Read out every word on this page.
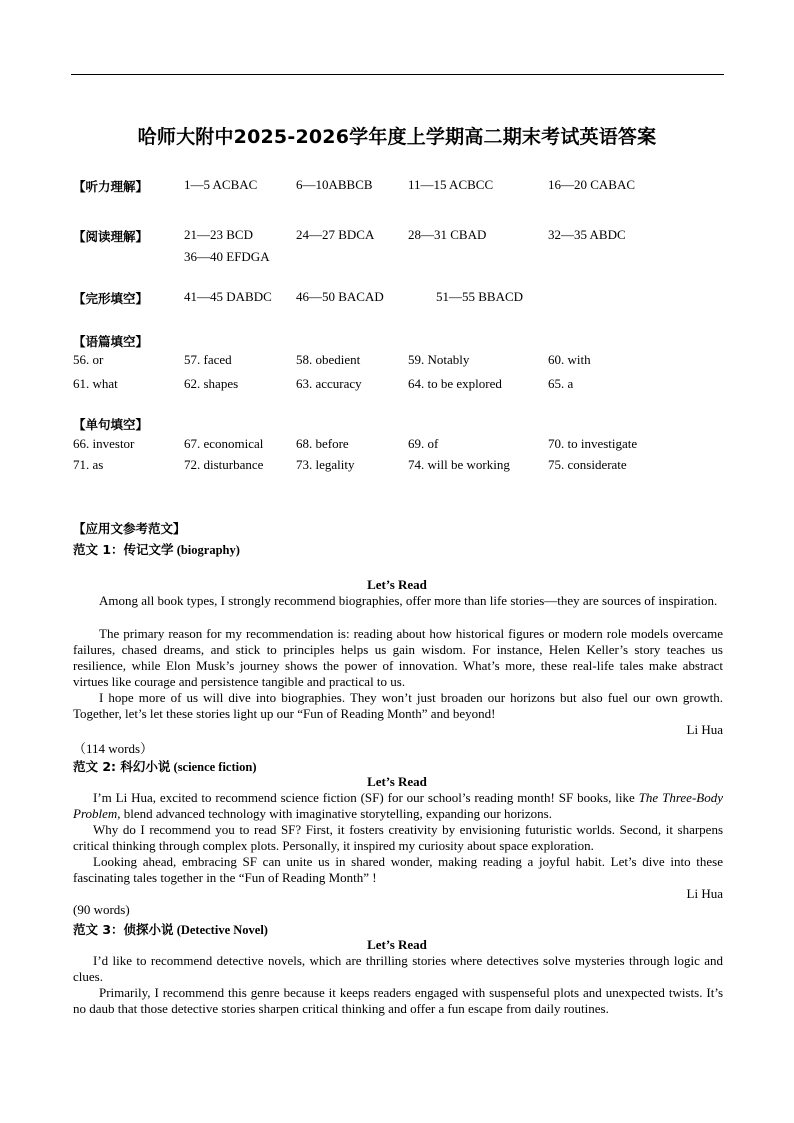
哈师大附中2025-2026学年度上学期高二期末考试英语答案
【听力理解】	1—5 ACBAC	6—10ABBCB	11—15 ACBCC	16—20 CABAC
【阅读理解】	21—23 BCD	24—27 BDCA	28—31 CBAD	32—35 ABDC
36—40 EFDGA
【完形填空】	41—45 DABDC 46—50 BACAD	51—55 BBACD
【语篇填空】
56. or	57. faced	58. obedient	59. Notably	60. with
61. what	62. shapes	63. accuracy	64. to be explored	65. a
【单句填空】
66. investor	67. economical	68. before	69. of	70. to investigate
71. as	72. disturbance	73. legality	74. will be working	75. considerate
【应用文参考范文】
范文 1：传记文学 (biography)
Let’s Read

Among all book types, I strongly recommend biographies, offer more than life stories—they are sources of inspiration.

The primary reason for my recommendation is: reading about how historical figures or modern role models overcame failures, chased dreams, and stick to principles helps us gain wisdom. For instance, Helen Keller’s story teaches us resilience, while Elon Musk’s journey shows the power of innovation. What’s more, these real-life tales make abstract virtues like courage and persistence tangible and practical to us.

I hope more of us will dive into biographies. They won’t just broaden our horizons but also fuel our own growth. Together, let’s let these stories light up our “Fun of Reading Month” and beyond!

Li Hua
（114 words）
范文 2: 科幻小说 (science fiction)
Let’s Read

I’m Li Hua, excited to recommend science fiction (SF) for our school’s reading month! SF books, like The Three-Body Problem, blend advanced technology with imaginative storytelling, expanding our horizons.

Why do I recommend you to read SF? First, it fosters creativity by envisioning futuristic worlds. Second, it sharpens critical thinking through complex plots. Personally, it inspired my curiosity about space exploration.

Looking ahead, embracing SF can unite us in shared wonder, making reading a joyful habit. Let’s dive into these fascinating tales together in the “Fun of Reading Month” !

Li Hua
(90 words)
范文 3：侦探小说 (Detective Novel)
Let’s Read

I’d like to recommend detective novels, which are thrilling stories where detectives solve mysteries through logic and clues.

Primarily, I recommend this genre because it keeps readers engaged with suspenseful plots and unexpected twists. It’s no daub that those detective stories sharpen critical thinking and offer a fun escape from daily routines.
